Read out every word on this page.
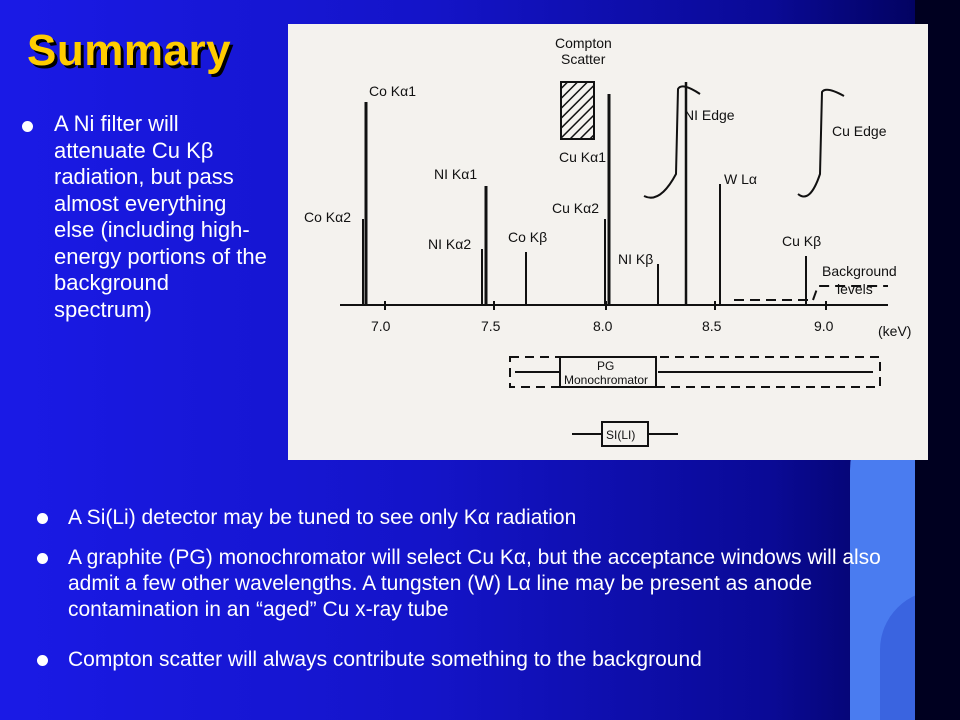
Summary
A Ni filter will attenuate Cu Kβ radiation, but pass almost everything else (including high-energy portions of the background spectrum)
Co Kα1
Co Kα2
NI Kα1
NI Kα2	Co Kβ
Cu Kα1
Cu Kα2
NI Kβ
W Lα
Cu Kβ
Compton
Scatter
NI Edge
Cu Edge
Background
levels
7.0	7.5	8.0	8.5	9.0	(keV)
PG
Monochromator
SI(LI)
A Si(Li) detector may be tuned to see only Kα radiation
A graphite (PG) monochromator will select Cu Kα, but the acceptance windows will also admit a few other wavelengths. A tungsten (W) Lα line may be present as anode contamination in an “aged” Cu x-ray tube
Compton scatter will always contribute something to the background
